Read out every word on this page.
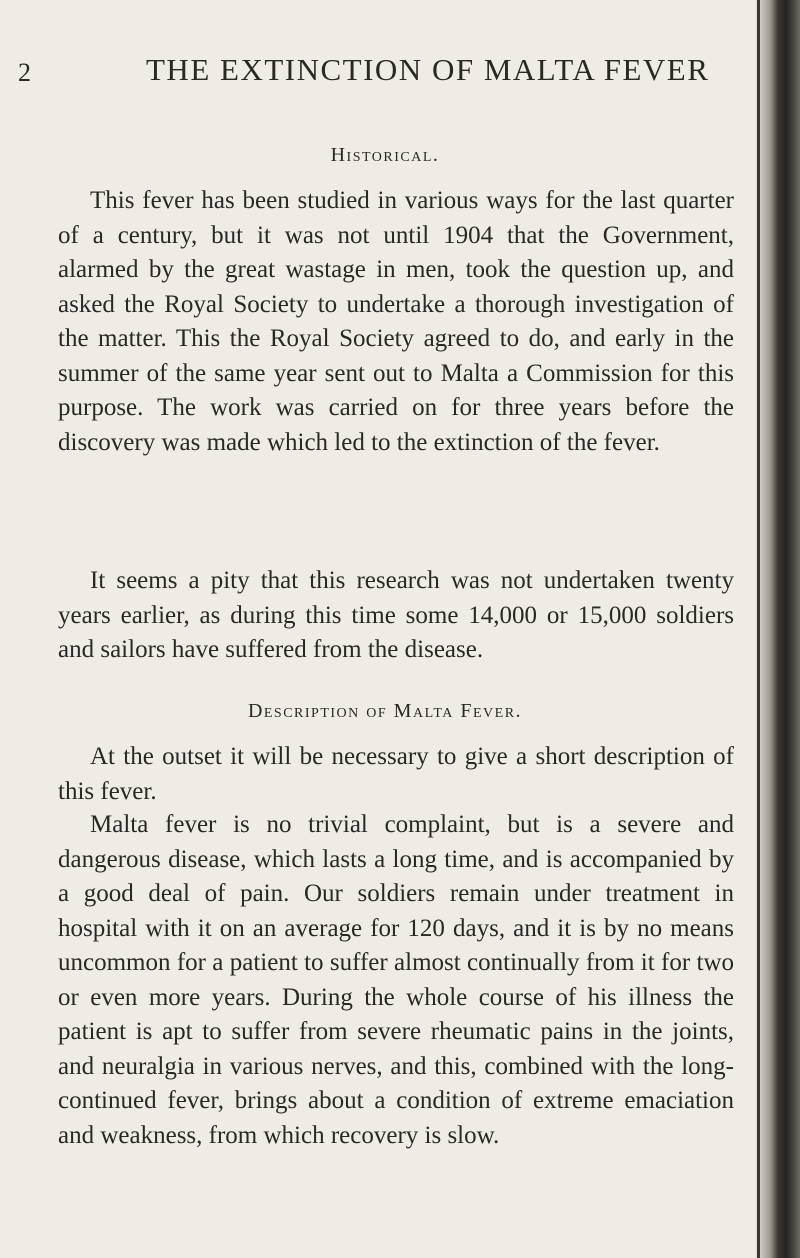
2	THE EXTINCTION OF MALTA FEVER
Historical.

This fever has been studied in various ways for the last quarter of a century, but it was not until 1904 that the Government, alarmed by the great wastage in men, took the question up, and asked the Royal Society to undertake a thorough investigation of the matter. This the Royal Society agreed to do, and early in the summer of the same year sent out to Malta a Commission for this purpose. The work was carried on for three years before the discovery was made which led to the extinction of the fever.

It seems a pity that this research was not undertaken twenty years earlier, as during this time some 14,000 or 15,000 soldiers and sailors have suffered from the disease.

Description of Malta Fever.

At the outset it will be necessary to give a short description of this fever.

Malta fever is no trivial complaint, but is a severe and dangerous disease, which lasts a long time, and is accompanied by a good deal of pain. Our soldiers remain under treatment in hospital with it on an average for 120 days, and it is by no means uncommon for a patient to suffer almost continually from it for two or even more years. During the whole course of his illness the patient is apt to suffer from severe rheumatic pains in the joints, and neuralgia in various nerves, and this, combined with the long-continued fever, brings about a condition of extreme emaciation and weakness, from which recovery is slow.
